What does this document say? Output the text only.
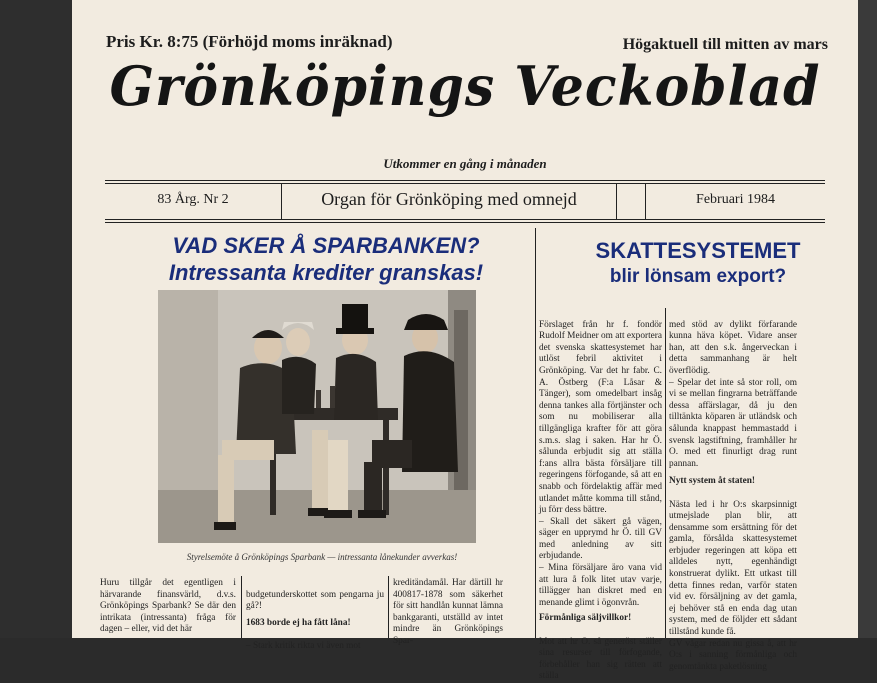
Pris Kr. 8:75 (Förhöjd moms inräknad)	Högaktuell till mitten av mars
Grönköpings Veckoblad
Utkommer en gång i månaden
83 Årg. Nr 2	Organ för Grönköping med omnejd	Februari 1984
VAD SKER Å SPARBANKEN?
Intressanta krediter granskas!
Styrelsemöte å Grönköpings Sparbank — intressanta lånekunder avverkas!
Huru tillgår det egentligen i härvarande finansvärld, d.v.s. Grönköpings Sparbank? Se där den intrikata (intressanta) fråga för dagen – eller, vid det här

budgetunderskottet som pengarna ju gå?!

1683 borde ej ha fått låna!

– Stark kritik rikta vi även mot

kreditändamål. Har därtill hr 400817-1878 som säkerhet för sitt handlån kunnat lämna bankgaranti, utställd av intet mindre än Grönköpings Spar-
SKATTESYSTEMET
blir lönsam export?

Förslaget från hr f. fondör Rudolf Meidner om att exportera det svenska skattesystemet har utlöst febril aktivitet i Grönköping. Var det hr fabr. C. A. Östberg (F:a Låsar & Tänger), som omedelbart insåg denna tankes alla förtjänster och som nu mobiliserar alla tillgängliga krafter för att göra s.m.s. slag i saken. Har hr Ö. sålunda erbjudit sig att ställa f:ans allra bästa försäljare till regeringens förfogande, så att en snabb och fördelaktig affär med utlandet måtte komma till stånd, ju förr dess bättre.
– Skall det säkert gå vägen, säger en upprymd hr Ö. till GV med anledning av sitt erbjudande.
– Mina försäljare äro vana vid att lura å folk litet utav varje, tillägger han diskret med en menande glimt i ögonvrån.

Förmånliga säljvillkor!

Mot att hr O. så generöst ställer sina resurser till förfogande, förbehåller han sig rätten att ställa

med stöd av dylikt förfarande kunna häva köpet. Vidare anser han, att den s.k. ångerveckan i detta sammanhang är helt överflödig.
– Spelar det inte så stor roll, om vi se mellan fingrarna beträffande dessa affärslagar, då ju den tilltänkta köparen är utländsk och sålunda knappast hemmastadd i svensk lagstiftning, framhåller hr O. med ett finurligt drag runt pannan.

Nytt system åt staten!

Nästa led i hr O:s skarpsinnigt utmejslade plan blir, att densamme som ersättning för det gamla, försålda skattesystemet erbjuder regeringen att köpa ett alldeles nytt, egenhändigt konstruerat dylikt. Ett utkast till detta finnes redan, varför staten vid ev. försäljning av det gamla, ej behöver stå en enda dag utan system, med de följder ett sådant tillstånd kunde få.
GV vågar redan nu gissa å, att hr O:s i sanning förmånliga och genomtänkta paketlösning
